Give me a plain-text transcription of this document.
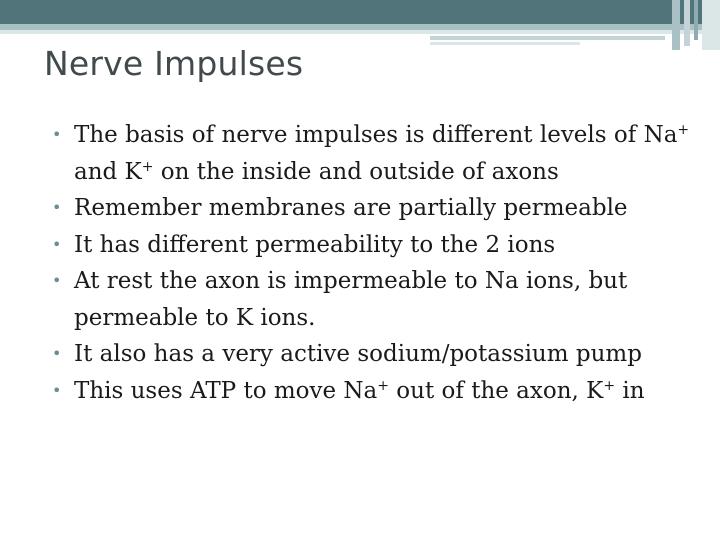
Nerve Impulses
• The basis of nerve impulses is different levels of Na+ and K+ on the inside and outside of axons
• Remember membranes are partially permeable
• It has different permeability to the 2 ions
• At rest the axon is impermeable to Na ions, but permeable to K ions.
• It also has a very active sodium/potassium pump
• This uses ATP to move Na+ out of the axon, K+ in
